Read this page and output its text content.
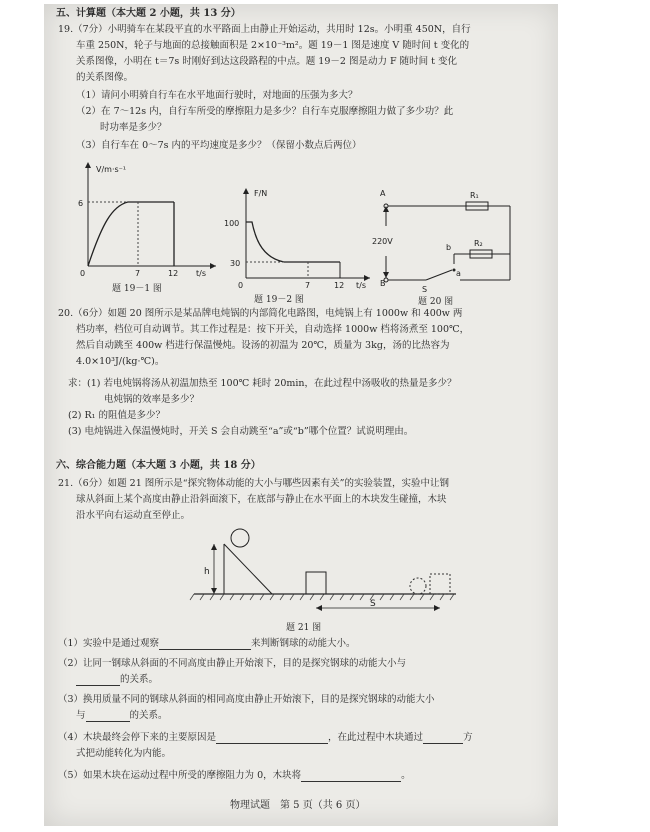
五、计算题（本大题 2 小题，共 13 分）
19.（7分）小明骑车在某段平直的水平路面上由静止开始运动，共用时 12s。小明重 450N，自行
车重 250N，轮子与地面的总接触面积是 2×10⁻³m²。题 19－1 图是速度 V 随时间 t 变化的
关系图像，小明在 t＝7s 时刚好到达这段路程的中点。题 19－2 图是动力 F 随时间 t 变化
的关系图像。
（1）请问小明骑自行车在水平地面行驶时，对地面的压强为多大？
（2）在 7～12s 内，自行车所受的摩擦阻力是多少？自行车克服摩擦阻力做了多少功？此
时功率是多少？
（3）自行车在 0～7s 内的平均速度是多少？（保留小数点后两位）
V/m·s⁻¹
6
0	7	12 t/s
题 19－1 图
F/N
100
30
0	7	12 t/s
题 19－2 图
A
B
220V
R₁
R₂
b
a
S
题 20 图
20.（6分）如题 20 图所示是某品牌电炖锅的内部简化电路图，电炖锅上有 1000w 和 400w 两
档功率，档位可自动调节。其工作过程是：按下开关，自动选择 1000w 档将汤煮至 100℃，
然后自动跳至 400w 档进行保温慢炖。设汤的初温为 20℃，质量为 3kg，汤的比热容为
4.0×10³J/(kg·℃)。
求：(1) 若电炖锅将汤从初温加热至 100℃ 耗时 20min，在此过程中汤吸收的热量是多少？
电炖锅的效率是多少？
(2) R₁ 的阻值是多少？
(3) 电炖锅进入保温慢炖时，开关 S 会自动跳至“a”或“b”哪个位置？试说明理由。
六、综合能力题（本大题 3 小题，共 18 分）
21.（6分）如题 21 图所示是“探究物体动能的大小与哪些因素有关”的实验装置，实验中让钢
球从斜面上某个高度由静止沿斜面滚下，在底部与静止在水平面上的木块发生碰撞，木块
沿水平向右运动直至停止。
h
S
题 21 图
（1）实验中是通过观察	来判断钢球的动能大小。
（2）让同一钢球从斜面的不同高度由静止开始滚下，目的是探究钢球的动能大小与
的关系。
（3）换用质量不同的钢球从斜面的相同高度由静止开始滚下，目的是探究钢球的动能大小
与	的关系。
（4）木块最终会停下来的主要原因是	，在此过程中木块通过	方
式把动能转化为内能。
（5）如果木块在运动过程中所受的摩擦阻力为 0，木块将	。
物理试题　第 5 页（共 6 页）
